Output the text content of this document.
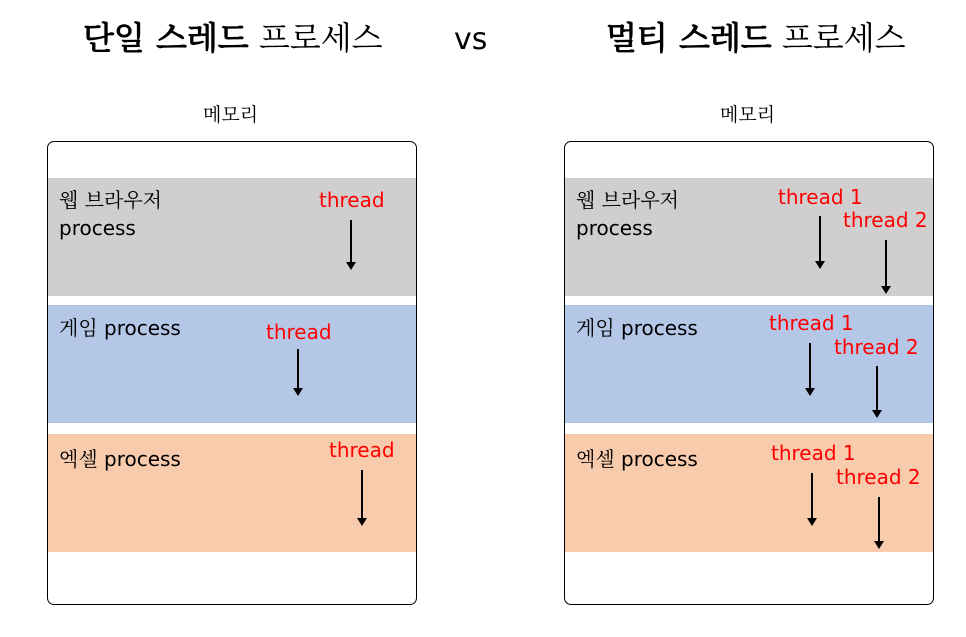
단일 스레드 프로세스 vs	멀티 스레드 프로세스
메모리	메모리
웹 브라우저
process
게임 process
엑셀 process
웹 브라우저
process
게임 process
엑셀 process
thread
thread
thread
thread 1
thread 2
thread 1
thread 2
thread 1
thread 2
